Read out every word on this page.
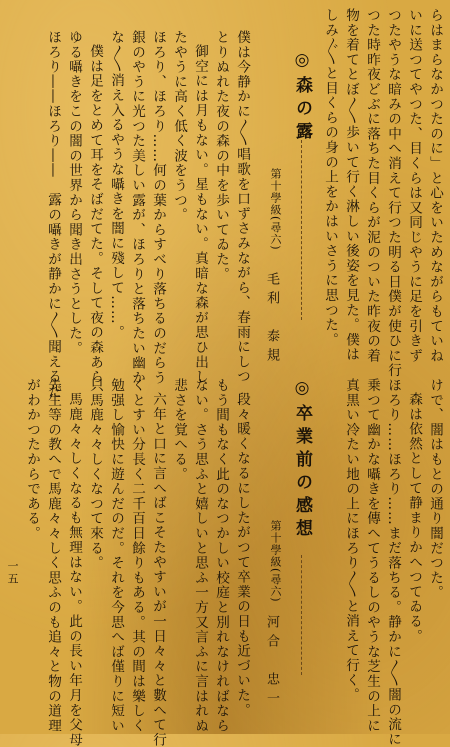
らはまらなかつたのに」と心をいためながらもていね
いに送つてやつた、目くらは又同じやうに足を引きず
つたやうな暗みの中へ消えて行つた明る日僕が使ひに行
つた時昨夜どぶに落ちた目くらが泥のついた昨夜の着
物を着てとぼ〳〵歩いて行く淋しい後姿を見た。僕は
しみ〴〵と目くらの身の上をかはいさうに思つた。
◎森の露
第十學級(尋六)
毛利　泰規
僕は今静かに〳〵唱歌を口ずさみながら、春雨にしつ
とりぬれた夜の森の中を歩いてゐた。
御空には月もない。星もない。真暗な森が思ひ出し
たやうに高く低く波をうつ。
ほろり、ほろり……何の葉からすべり落ちるのだらう
銀のやうに光つた美しい露が、ほろりと落ちたい幽か
な〳〵消え入るやうな囁きを闇に殘して……。
僕は足をとめて耳をそばだてた。そして夜の森あら
ゆる囁きをこの闇の世界から聞き出さうとした。
ほろり――ほろり――　露の囁きが静かに〳〵聞えるだ
けで、闇はもとの通り闇だつた。
森は依然として静まりかへつてゐる。
ほろり……ほろり……まだ落ちる。静かに〳〵闇の流に
乗つて幽かな囁きを傳へてうるしのやうな芝生の上に
真黒い冷たい地の上にほろり〳〵と消えて行く。
◎卒業前の感想
第十學級(尋六)
河合　忠一
段々暖くなるにしたがつて卒業の日も近づいた。
もう間もなく此のなつかしい校庭と別れなければなら
ない。さう思ふと嬉しいと思ふ一方又言ふに言はれぬ
悲さを覚へる。
六年と口に言へばこそたやすいが一日々々と數へて行
くとすい分長く二千百日餘りもある。其の間は樂しく
勉强し愉快に遊んだのだ。それを今思へば僅りに短い
只馬鹿々々しくなつて來る。
馬鹿々々しくなるも無理はない。此の長い年月を父母
先生等の教へで馬鹿々々しく思ふのも追々と物の道理
がわかつたからである。
一五
